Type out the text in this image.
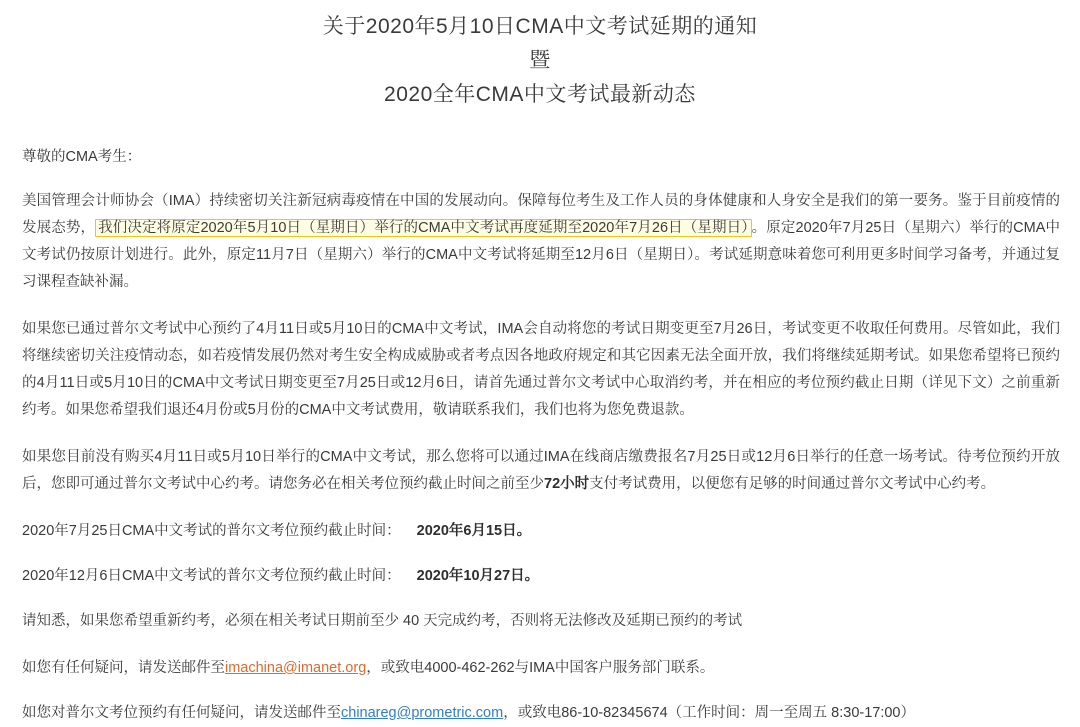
关于2020年5月10日CMA中文考试延期的通知
暨
2020全年CMA中文考试最新动态
尊敬的CMA考生：

美国管理会计师协会（IMA）持续密切关注新冠病毒疫情在中国的发展动向。保障每位考生及工作人员的身体健康和人身安全是我们的第一要务。鉴于目前疫情的发展态势， 我们决定将原定2020年5月10日（星期日）举行的CMA中文考试再度延期至2020年7月26日（星期日） 。原定2020年7月25日（星期六）举行的CMA中文考试仍按原计划进行。此外，原定11月7日（星期六）举行的CMA中文考试将延期至12月6日（星期日）。考试延期意味着您可利用更多时间学习备考，并通过复习课程查缺补漏。

如果您已通过普尔文考试中心预约了4月11日或5月10日的CMA中文考试，IMA会自动将您的考试日期变更至7月26日，考试变更不收取任何费用。尽管如此，我们将继续密切关注疫情动态，如若疫情发展仍然对考生安全构成威胁或者考点因各地政府规定和其它因素无法全面开放，我们将继续延期考试。如果您希望将已预约的4月11日或5月10日的CMA中文考试日期变更至7月25日或12月6日，请首先通过普尔文考试中心取消约考，并在相应的考位预约截止日期（详见下文）之前重新约考。如果您希望我们退还4月份或5月份的CMA中文考试费用，敬请联系我们，我们也将为您免费退款。

如果您目前没有购买4月11日或5月10日举行的CMA中文考试，那么您将可以通过IMA在线商店缴费报名7月25日或12月6日举行的任意一场考试。待考位预约开放后，您即可通过普尔文考试中心约考。请您务必在相关考位预约截止时间之前至少72小时支付考试费用，以便您有足够的时间通过普尔文考试中心约考。

2020年7月25日CMA中文考试的普尔文考位预约截止时间： 2020年6月15日。
2020年12月6日CMA中文考试的普尔文考位预约截止时间： 2020年10月27日。
请知悉，如果您希望重新约考，必须在相关考试日期前至少 40 天完成约考，否则将无法修改及延期已预约的考试
如您有任何疑问，请发送邮件至imachina@imanet.org，或致电4000-462-262与IMA中国客户服务部门联系。
如您对普尔文考位预约有任何疑问，请发送邮件至chinareg@prometric.com，或致电86-10-82345674（工作时间：周一至周五 8:30-17:00）
